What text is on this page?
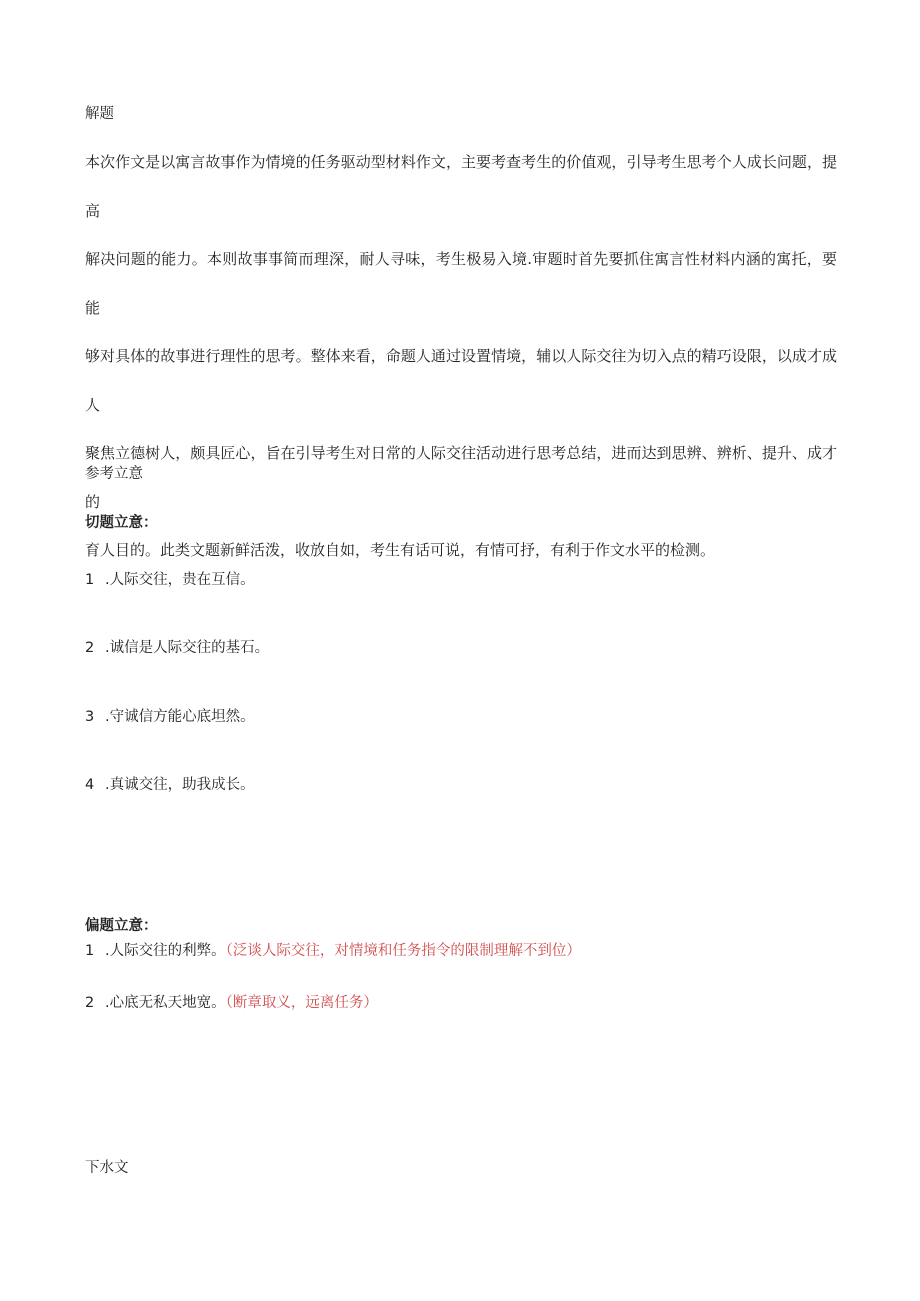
解题
本次作文是以寓言故事作为情境的任务驱动型材料作文，主要考查考生的价值观，引导考生思考个人成长问题，提高
解决问题的能力。本则故事事简而理深，耐人寻味，考生极易入境.审题时首先要抓住寓言性材料内涵的寓托，要能
够对具体的故事进行理性的思考。整体来看，命题人通过设置情境，辅以人际交往为切入点的精巧设限，以成才成人
聚焦立德树人，颇具匠心，旨在引导考生对日常的人际交往活动进行思考总结，进而达到思辨、辨析、提升、成才的
育人目的。此类文题新鲜活泼，收放自如，考生有话可说，有情可抒，有利于作文水平的检测。
参考立意
切题立意：
1 .人际交往，贵在互信。
2 .诚信是人际交往的基石。
3 .守诚信方能心底坦然。
4 .真诚交往，助我成长。
偏题立意：
1 .人际交往的利弊。（泛谈人际交往，对情境和任务指令的限制理解不到位）
2 .心底无私天地宽。（断章取义，远离任务）
下水文
